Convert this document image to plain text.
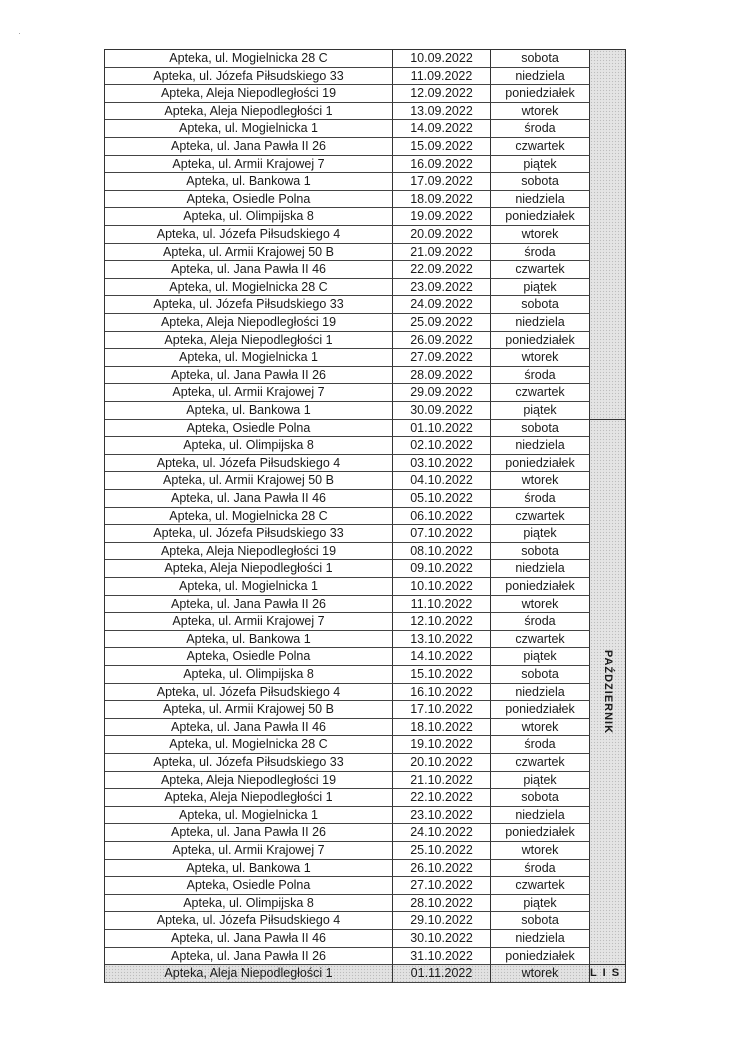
·
PAŹDZIERNIK
LIS
Apteka, ul. Mogielnicka 28 C	10.09.2022	sobota
Apteka, ul. Józefa Piłsudskiego 33	11.09.2022	niedziela
Apteka, Aleja Niepodległości 19	12.09.2022	poniedziałek
Apteka, Aleja Niepodległości 1	13.09.2022	wtorek
Apteka, ul. Mogielnicka 1	14.09.2022	środa
Apteka, ul. Jana Pawła II 26	15.09.2022	czwartek
Apteka, ul. Armii Krajowej 7	16.09.2022	piątek
Apteka, ul. Bankowa 1	17.09.2022	sobota
Apteka, Osiedle Polna	18.09.2022	niedziela
Apteka, ul. Olimpijska 8	19.09.2022	poniedziałek
Apteka, ul. Józefa Piłsudskiego 4	20.09.2022	wtorek
Apteka, ul. Armii Krajowej 50 B	21.09.2022	środa
Apteka, ul. Jana Pawła II 46	22.09.2022	czwartek
Apteka, ul. Mogielnicka 28 C	23.09.2022	piątek
Apteka, ul. Józefa Piłsudskiego 33	24.09.2022	sobota
Apteka, Aleja Niepodległości 19	25.09.2022	niedziela
Apteka, Aleja Niepodległości 1	26.09.2022	poniedziałek
Apteka, ul. Mogielnicka 1	27.09.2022	wtorek
Apteka, ul. Jana Pawła II 26	28.09.2022	środa
Apteka, ul. Armii Krajowej 7	29.09.2022	czwartek
Apteka, ul. Bankowa 1	30.09.2022	piątek
Apteka, Osiedle Polna	01.10.2022	sobota
Apteka, ul. Olimpijska 8	02.10.2022	niedziela
Apteka, ul. Józefa Piłsudskiego 4	03.10.2022	poniedziałek
Apteka, ul. Armii Krajowej 50 B	04.10.2022	wtorek
Apteka, ul. Jana Pawła II 46	05.10.2022	środa
Apteka, ul. Mogielnicka 28 C	06.10.2022	czwartek
Apteka, ul. Józefa Piłsudskiego 33	07.10.2022	piątek
Apteka, Aleja Niepodległości 19	08.10.2022	sobota
Apteka, Aleja Niepodległości 1	09.10.2022	niedziela
Apteka, ul. Mogielnicka 1	10.10.2022	poniedziałek
Apteka, ul. Jana Pawła II 26	11.10.2022	wtorek
Apteka, ul. Armii Krajowej 7	12.10.2022	środa
Apteka, ul. Bankowa 1	13.10.2022	czwartek
Apteka, Osiedle Polna	14.10.2022	piątek
Apteka, ul. Olimpijska 8	15.10.2022	sobota
Apteka, ul. Józefa Piłsudskiego 4	16.10.2022	niedziela
Apteka, ul. Armii Krajowej 50 B	17.10.2022	poniedziałek
Apteka, ul. Jana Pawła II 46	18.10.2022	wtorek
Apteka, ul. Mogielnicka 28 C	19.10.2022	środa
Apteka, ul. Józefa Piłsudskiego 33	20.10.2022	czwartek
Apteka, Aleja Niepodległości 19	21.10.2022	piątek
Apteka, Aleja Niepodległości 1	22.10.2022	sobota
Apteka, ul. Mogielnicka 1	23.10.2022	niedziela
Apteka, ul. Jana Pawła II 26	24.10.2022	poniedziałek
Apteka, ul. Armii Krajowej 7	25.10.2022	wtorek
Apteka, ul. Bankowa 1	26.10.2022	środa
Apteka, Osiedle Polna	27.10.2022	czwartek
Apteka, ul. Olimpijska 8	28.10.2022	piątek
Apteka, ul. Józefa Piłsudskiego 4	29.10.2022	sobota
Apteka, ul. Jana Pawła II 46	30.10.2022	niedziela
Apteka, ul. Jana Pawła II 26	31.10.2022	poniedziałek
Apteka, Aleja Niepodległości 1	01.11.2022	wtorek
